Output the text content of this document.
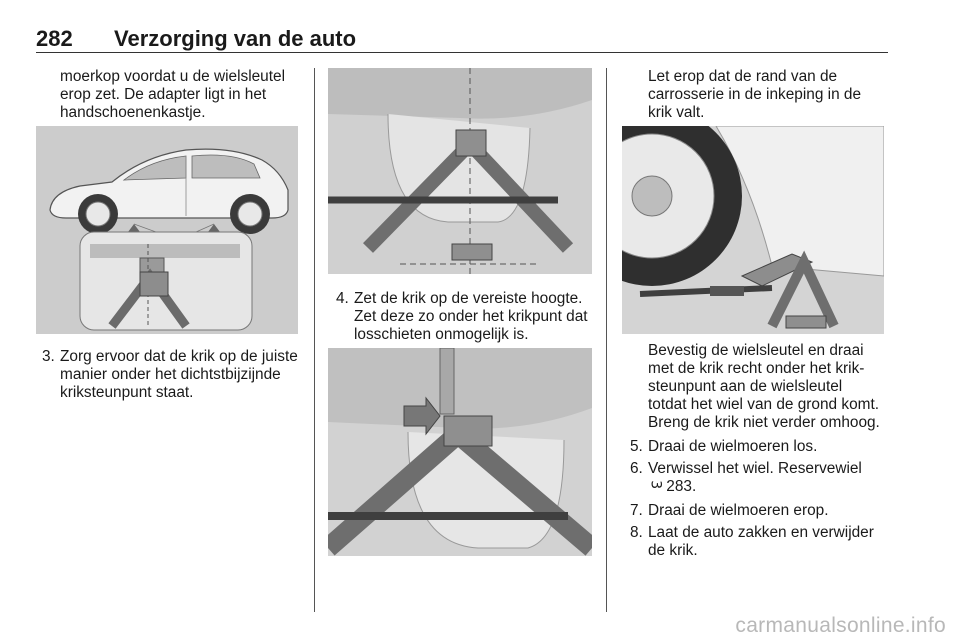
282 Verzorging van de auto
moerkop voordat u de wielsleutel
erop zet. De adapter ligt in het
handschoenenkastje.
3. Zorg ervoor dat de krik op de juiste
manier onder het dichtstbijzijnde
kriksteunpunt staat.
4. Zet de krik op de vereiste hoogte.
Zet deze zo onder het krikpunt dat
losschieten onmogelijk is.
Let erop dat de rand van de
carrosserie in de inkeping in de
krik valt.
Bevestig de wielsleutel en draai
met de krik recht onder het krik-
steunpunt aan de wielsleutel
totdat het wiel van de grond komt.
Breng de krik niet verder omhoog.
5. Draai de wielmoeren los.
6. Verwissel het wiel. Reservewiel
3 283.
7. Draai de wielmoeren erop.
8. Laat de auto zakken en verwijder
de krik.
carmanualsonline.info
